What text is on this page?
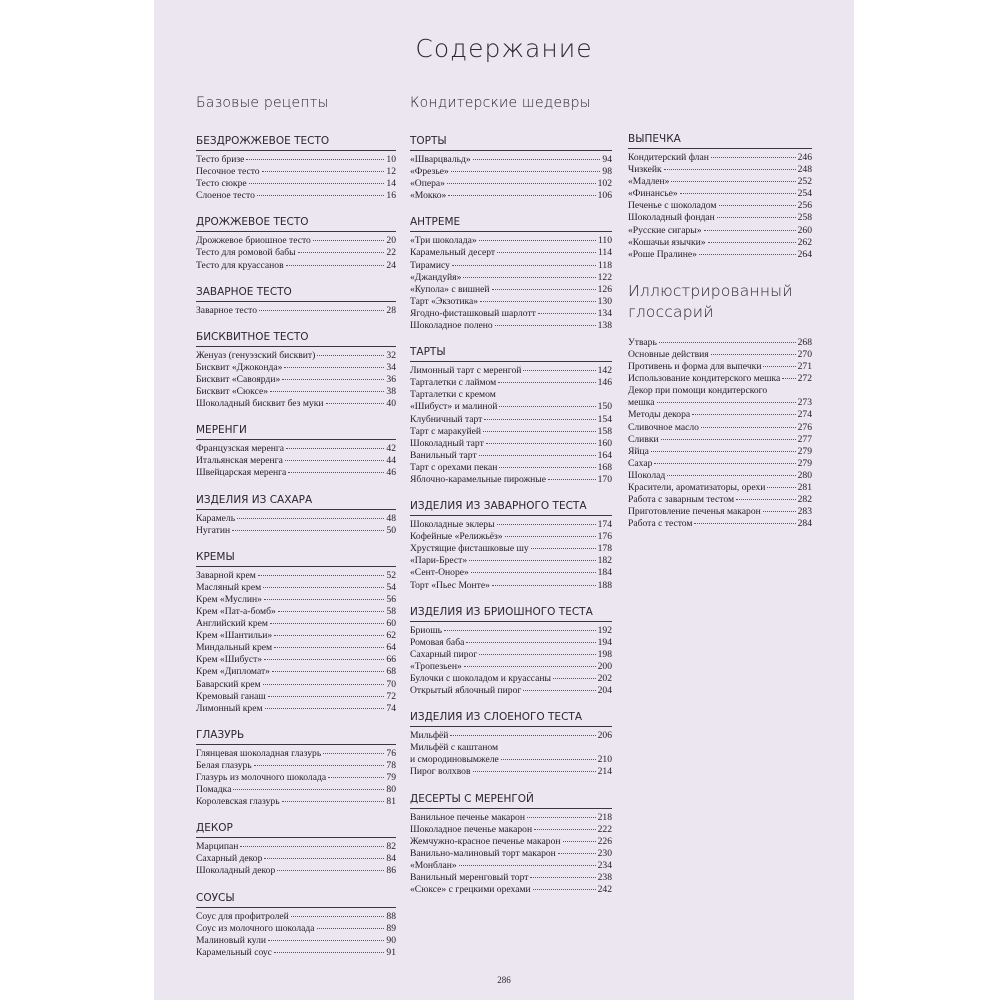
Содержание
Базовые рецепты
БЕЗДРОЖЖЕВОЕ ТЕСТО
Тесто бризе	10
Песочное тесто	12
Тесто сюкре	14
Слоеное тесто	16
ДРОЖЖЕВОЕ ТЕСТО
Дрожжевое бриошное тесто	20
Тесто для ромовой бабы	22
Тесто для круассанов	24
ЗАВАРНОЕ ТЕСТО
Заварное тесто	28
БИСКВИТНОЕ ТЕСТО
Женуаз (генуэзский бисквит)	32
Бисквит «Джоконда»	34
Бисквит «Савоярди»	36
Бисквит «Сюксе»	38
Шоколадный бисквит без муки	40
МЕРЕНГИ
Французская меренга	42
Итальянская меренга	44
Швейцарская меренга	46
ИЗДЕЛИЯ ИЗ САХАРА
Карамель	48
Нугатин	50
КРЕМЫ
Заварной крем	52
Масляный крем	54
Крем «Муслин»	56
Крем «Пат-а-бомб»	58
Английский крем	60
Крем «Шантильи»	62
Миндальный крем	64
Крем «Шибуст»	66
Крем «Дипломат»	68
Баварский крем	70
Кремовый ганаш	72
Лимонный крем	74
ГЛАЗУРЬ
Глянцевая шоколадная глазурь	76
Белая глазурь	78
Глазурь из молочного шоколада	79
Помадка	80
Королевская глазурь	81
ДЕКОР
Марципан	82
Сахарный декор	84
Шоколадный декор	86
СОУСЫ
Соус для профитролей	88
Соус из молочного шоколада	89
Малиновый кули	90
Карамельный соус	91
Кондитерские шедевры
ТОРТЫ
«Шварцвальд»	94
«Фрезье»	98
«Опера»	102
«Мокко»	106
АНТРЕМЕ
«Три шоколада»	110
Карамельный десерт	114
Тирамису	118
«Джандуйя»	122
«Купола» с вишней	126
Тарт «Экзотика»	130
Ягодно-фисташковый шарлотт	134
Шоколадное полено	138
ТАРТЫ
Лимонный тарт с меренгой	142
Тарталетки с лаймом	146
Тарталетки с кремом
«Шибуст» и малиной	150
Клубничный тарт	154
Тарт с маракуйей	158
Шоколадный тарт	160
Ванильный тарт	164
Тарт с орехами пекан	168
Яблочно-карамельные пирожные	170
ИЗДЕЛИЯ ИЗ ЗАВАРНОГО ТЕСТА
Шоколадные эклеры	174
Кофейные «Релижьёз»	176
Хрустящие фисташковые шу	178
«Пари-Брест»	182
«Сент-Оноре»	184
Торт «Пьес Монте»	188
ИЗДЕЛИЯ ИЗ БРИОШНОГО ТЕСТА
Бриошь	192
Ромовая баба	194
Сахарный пирог	198
«Тропезьен»	200
Булочки с шоколадом и круассаны	202
Открытый яблочный пирог	204
ИЗДЕЛИЯ ИЗ СЛОЕНОГО ТЕСТА
Мильфёй	206
Мильфёй с каштаном
и смородиновымжеле	210
Пирог волхвов	214
ДЕСЕРТЫ С МЕРЕНГОЙ
Ванильное печенье макарон	218
Шоколадное печенье макарон	222
Жемчужно-красное печенье макарон	226
Ванильно-малиновый торт макарон	230
«Монблан»	234
Ванильный меренговый торт	238
«Сюксе» с грецкими орехами	242
ВЫПЕЧКА
Кондитерский флан	246
Чизкейк	248
«Мадлен»	252
«Финансье»	254
Печенье с шоколадом	256
Шоколадный фондан	258
«Русские сигары»	260
«Кошачьи язычки»	262
«Роше Пралине»	264
Иллюстрированный глоссарий
Утварь	268
Основные действия	270
Противень и форма для выпечки	271
Использование кондитерского мешка 272
Декор при помощи кондитерского
мешка	273
Методы декора	274
Сливочное масло	276
Сливки	277
Яйца	279
Сахар	279
Шоколад	280
Красители, ароматизаторы, орехи	281
Работа с заварным тестом	282
Приготовление печенья макарон	283
Работа с тестом	284
286
